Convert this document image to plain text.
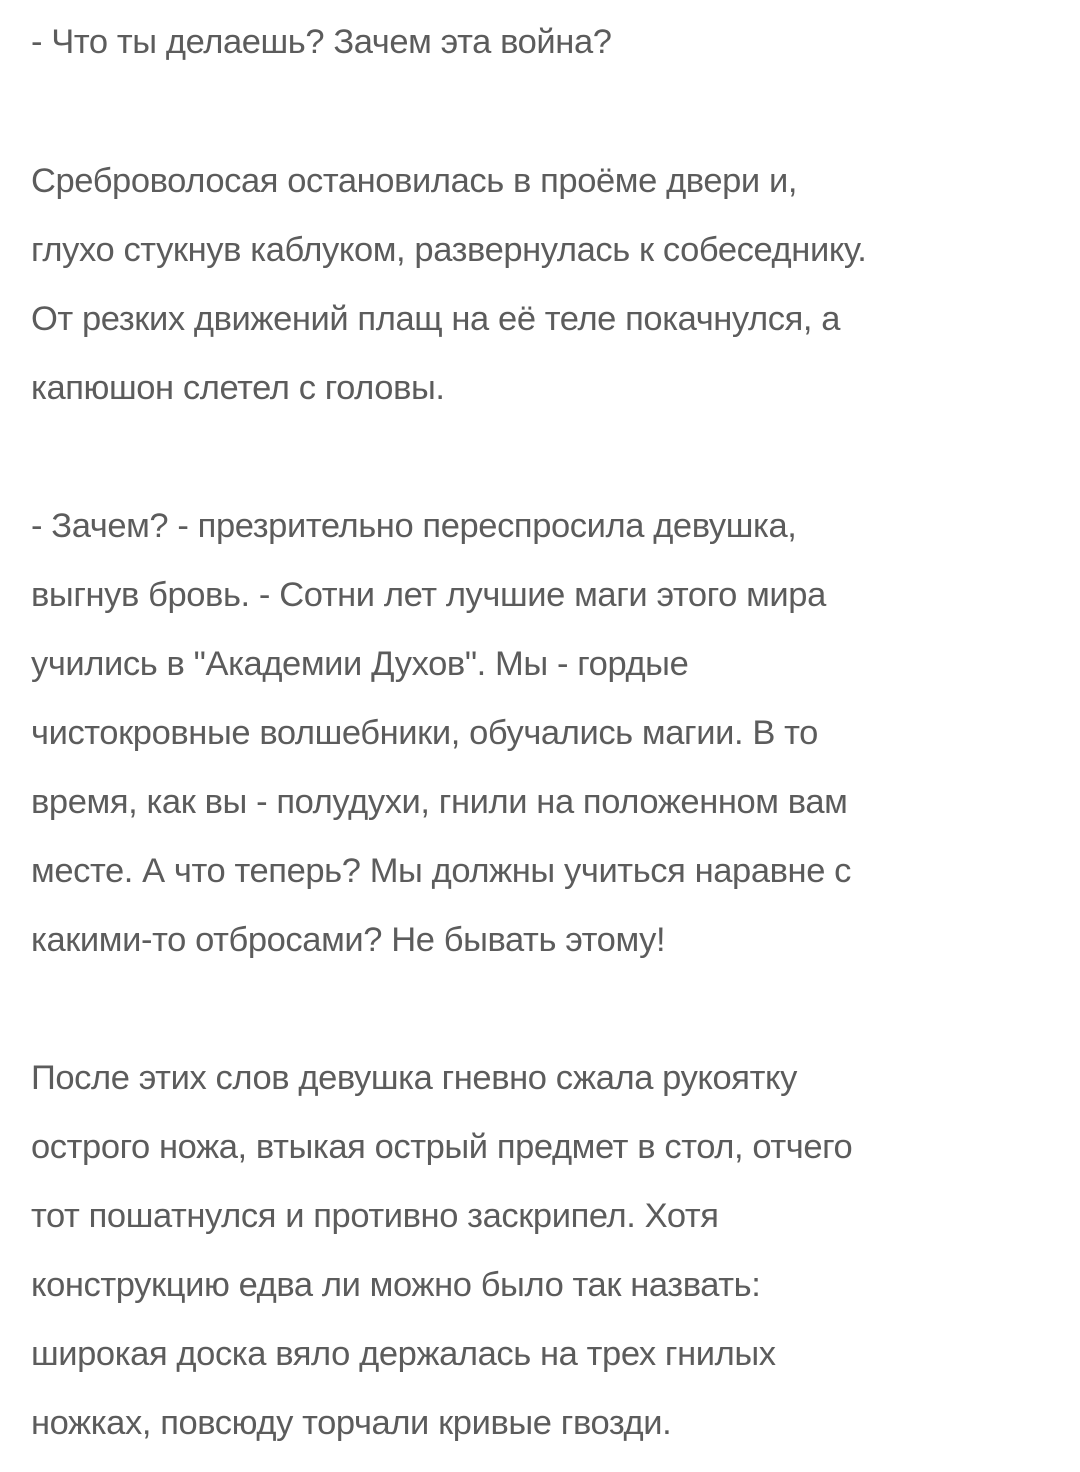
- Что ты делаешь? Зачем эта война?
Среброволосая остановилась в проёме двери и,
глухо стукнув каблуком, развернулась к собеседнику.
От резких движений плащ на её теле покачнулся, а
капюшон слетел с головы.
- Зачем? - презрительно переспросила девушка,
выгнув бровь. - Сотни лет лучшие маги этого мира
учились в "Академии Духов". Мы - гордые
чистокровные волшебники, обучались магии. В то
время, как вы - полудухи, гнили на положенном вам
месте. А что теперь? Мы должны учиться наравне с
какими-то отбросами? Не бывать этому!
После этих слов девушка гневно сжала рукоятку
острого ножа, втыкая острый предмет в стол, отчего
тот пошатнулся и противно заскрипел. Хотя
конструкцию едва ли можно было так назвать:
широкая доска вяло держалась на трех гнилых
ножках, повсюду торчали кривые гвозди.
